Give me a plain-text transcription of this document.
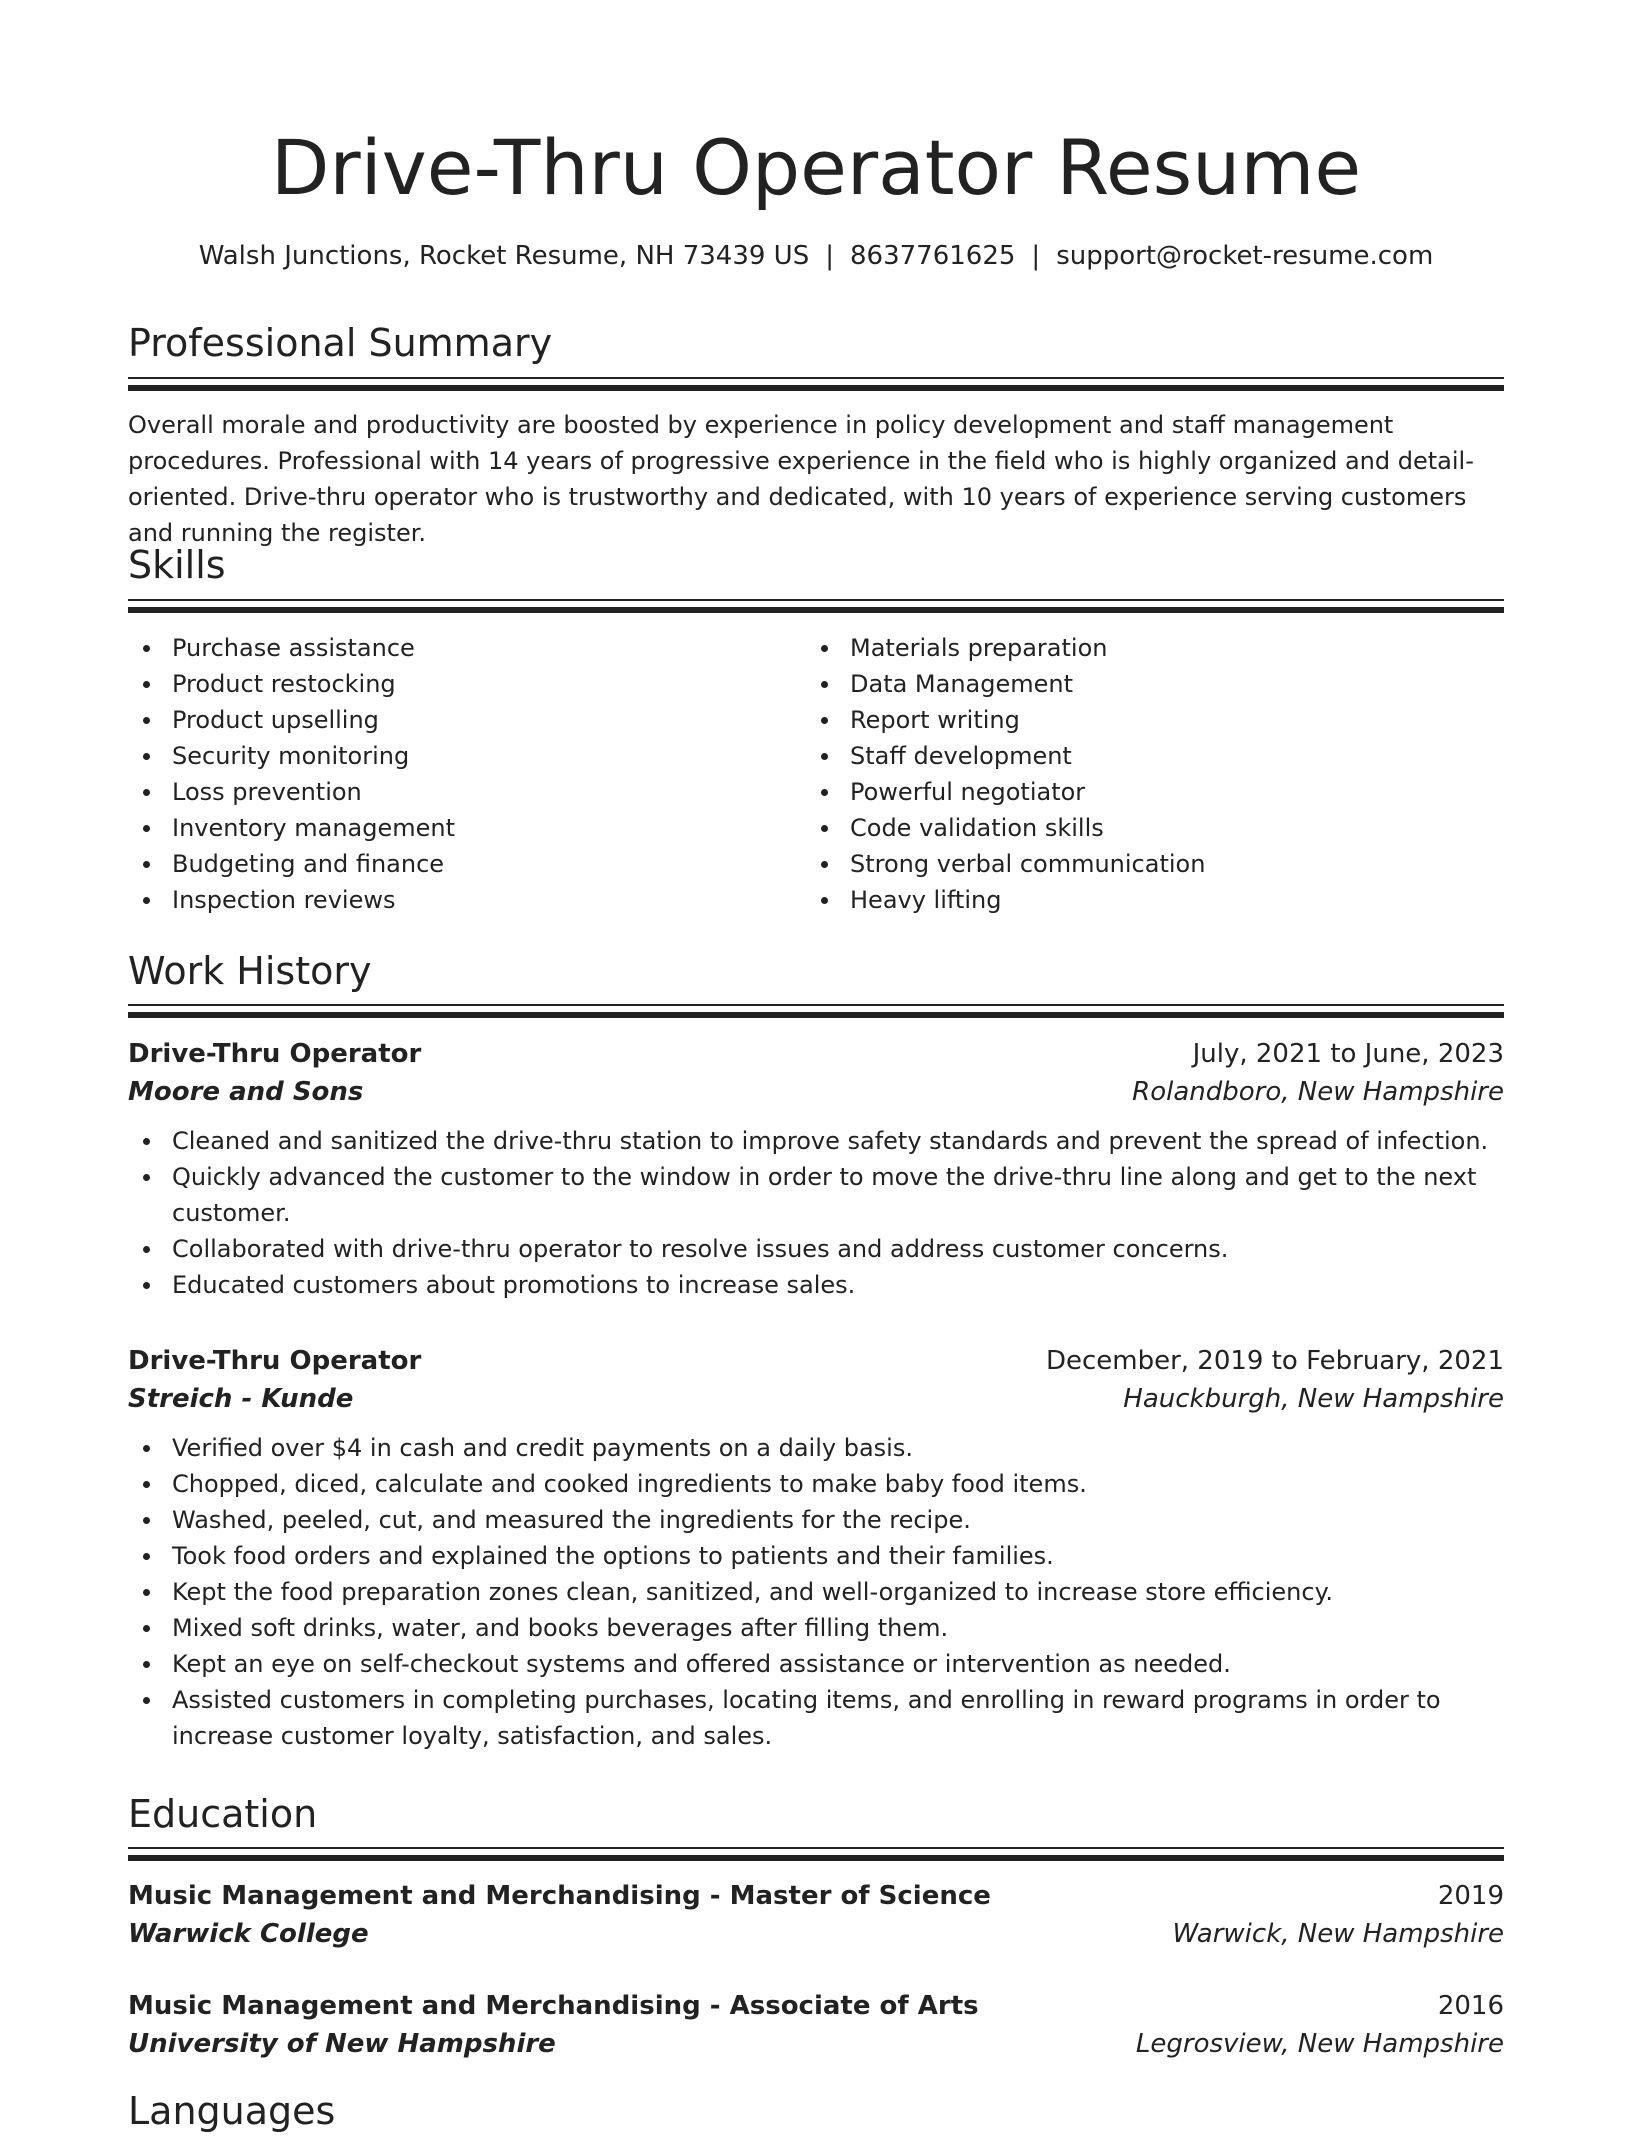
Drive-Thru Operator Resume
Walsh Junctions, Rocket Resume, NH 73439 US | 8637761625 | support@rocket-resume.com
Professional Summary

Overall morale and productivity are boosted by experience in policy development and staff management procedures. Professional with 14 years of progressive experience in the field who is highly organized and detail-oriented. Drive-thru operator who is trustworthy and dedicated, with 10 years of experience serving customers and running the register.

Skills
Purchase assistance
Product restocking
Product upselling
Security monitoring
Loss prevention
Inventory management
Budgeting and finance
Inspection reviews
Materials preparation
Data Management
Report writing
Staff development
Powerful negotiator
Code validation skills
Strong verbal communication
Heavy lifting
Work History
Drive-Thru Operator	July, 2021 to June, 2023
Moore and Sons	Rolandboro, New Hampshire
Cleaned and sanitized the drive-thru station to improve safety standards and prevent the spread of infection.
Quickly advanced the customer to the window in order to move the drive-thru line along and get to the next customer.
Collaborated with drive-thru operator to resolve issues and address customer concerns.
Educated customers about promotions to increase sales.
Drive-Thru Operator	December, 2019 to February, 2021
Streich - Kunde	Hauckburgh, New Hampshire
Verified over $4 in cash and credit payments on a daily basis.
Chopped, diced, calculate and cooked ingredients to make baby food items.
Washed, peeled, cut, and measured the ingredients for the recipe.
Took food orders and explained the options to patients and their families.
Kept the food preparation zones clean, sanitized, and well-organized to increase store efficiency.
Mixed soft drinks, water, and books beverages after filling them.
Kept an eye on self-checkout systems and offered assistance or intervention as needed.
Assisted customers in completing purchases, locating items, and enrolling in reward programs in order to increase customer loyalty, satisfaction, and sales.
Education
Music Management and Merchandising - Master of Science	2019
Warwick College	Warwick, New Hampshire
Music Management and Merchandising - Associate of Arts	2016
University of New Hampshire	Legrosview, New Hampshire
Languages
